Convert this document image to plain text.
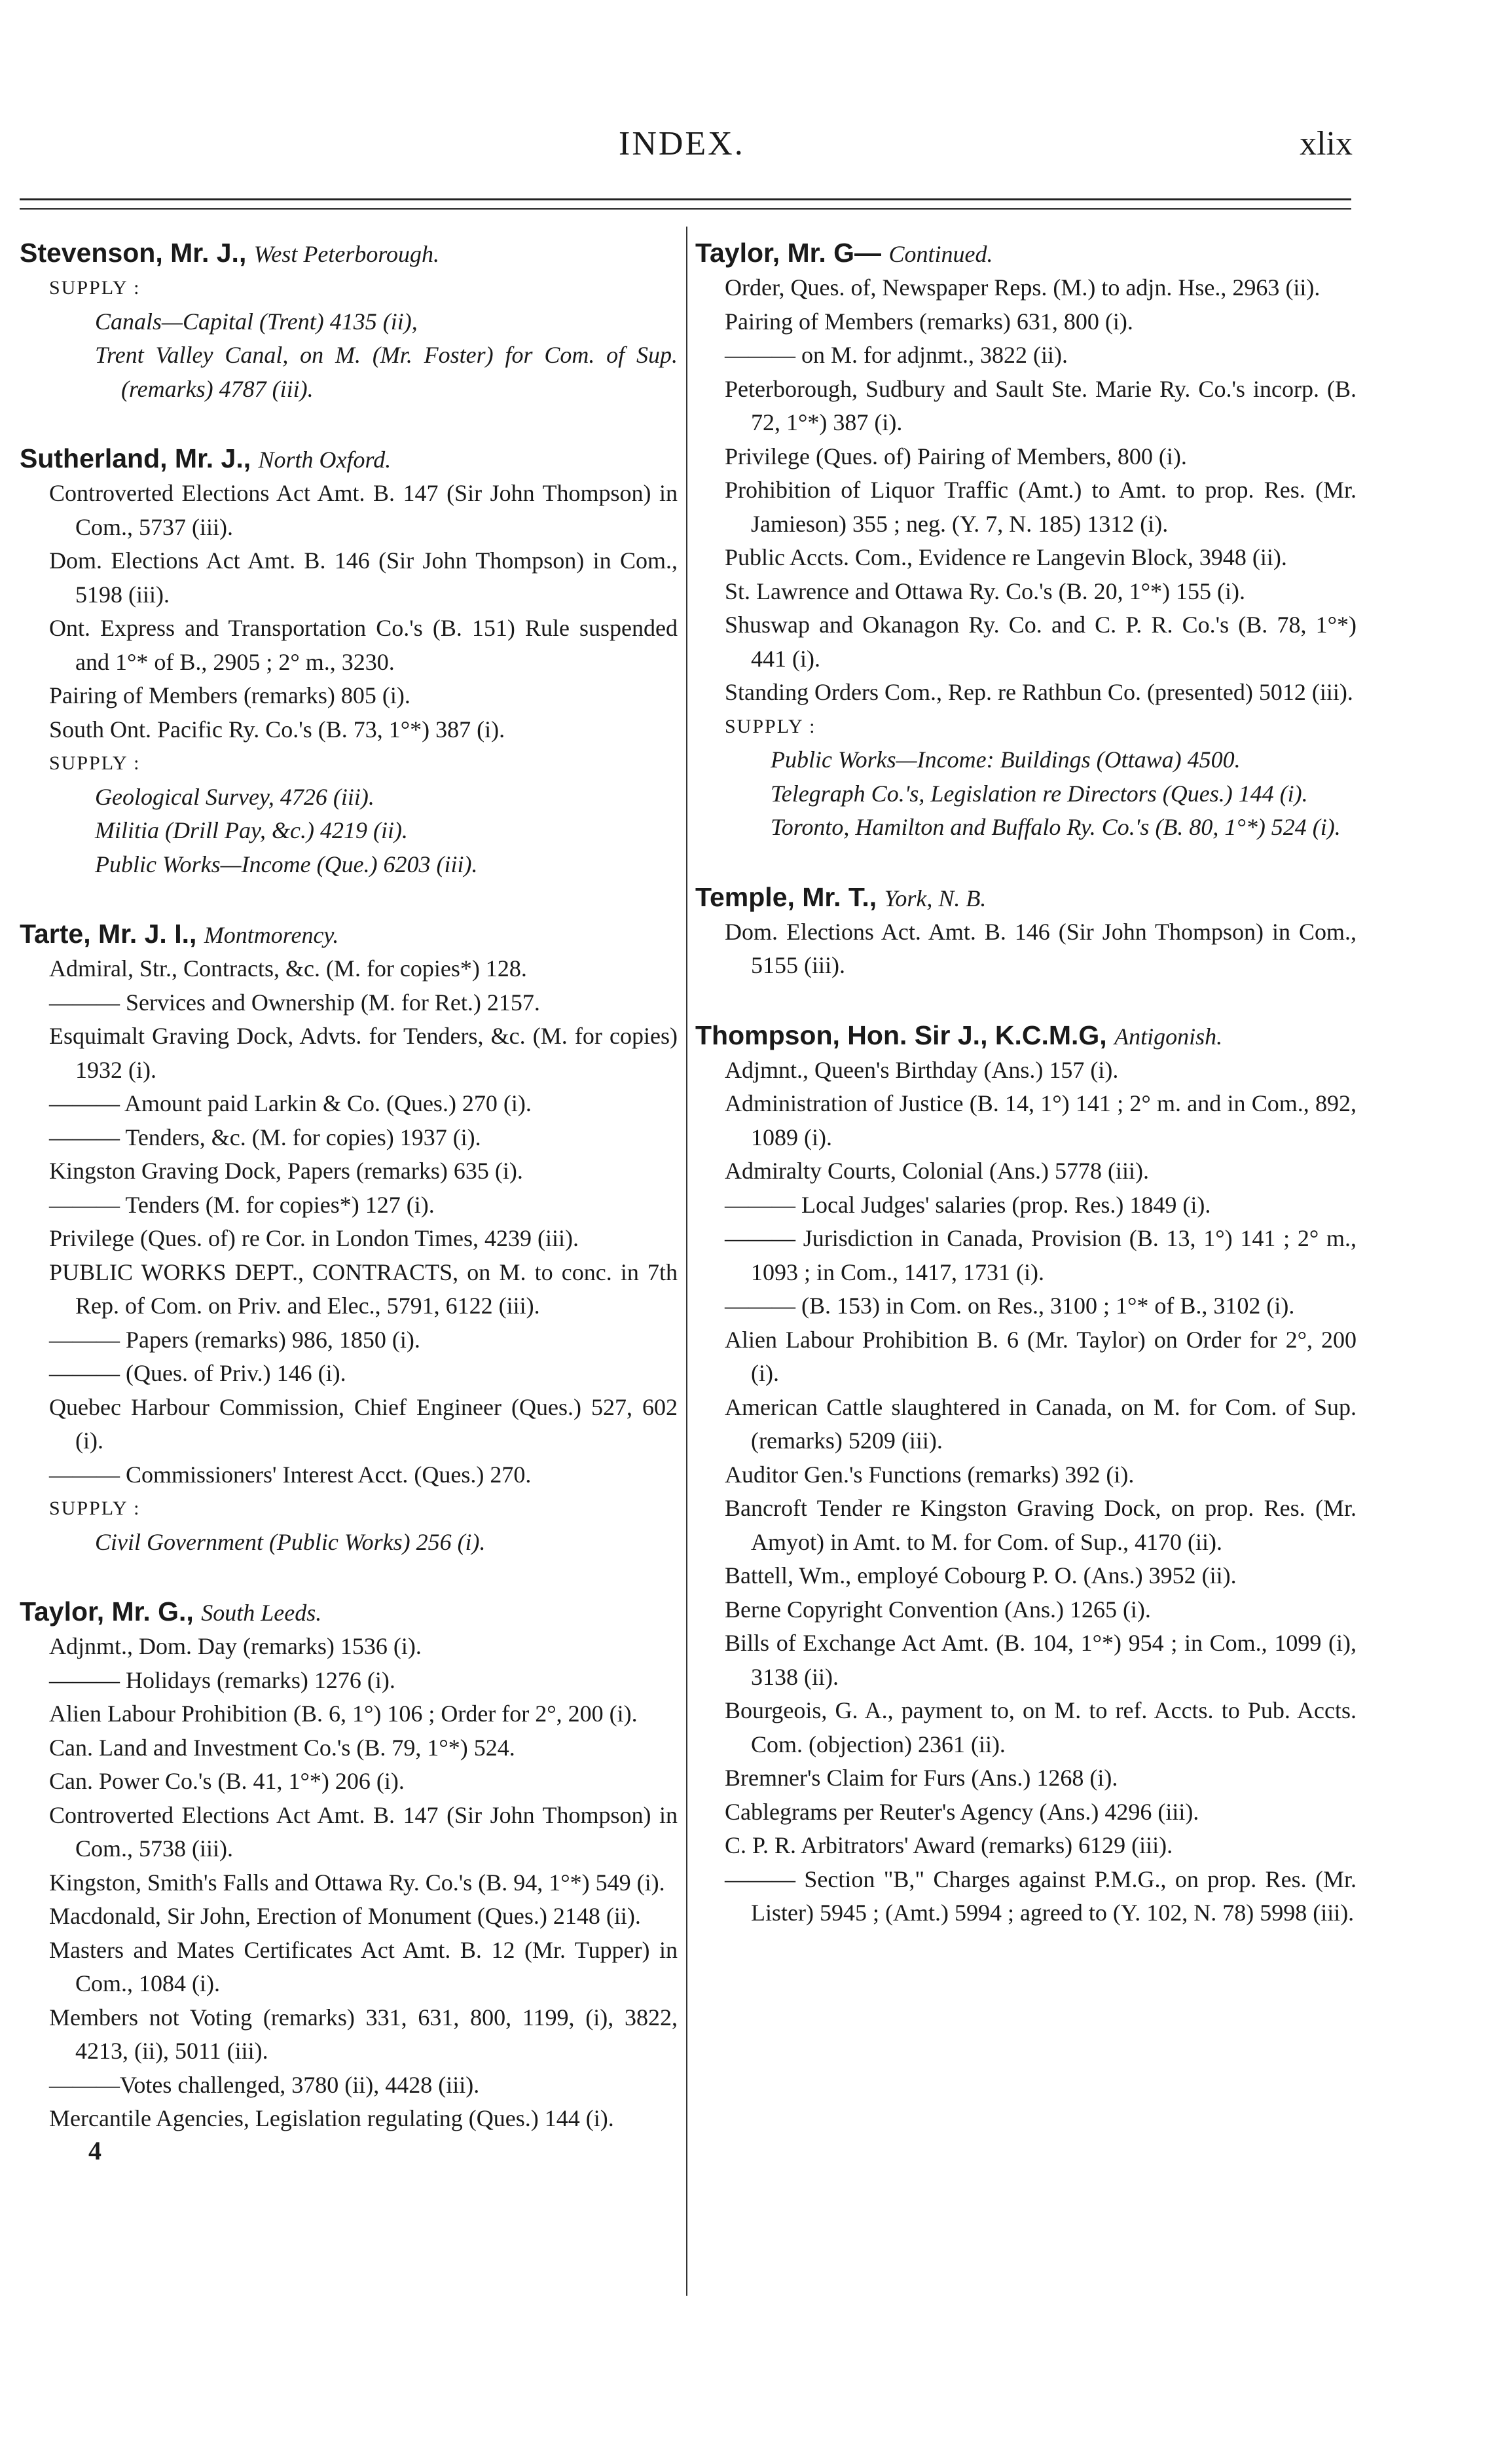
INDEX.	xlix
Stevenson, Mr. J., West Peterborough.
SUPPLY :
Canals—Capital (Trent) 4135 (ii),
Trent Valley Canal, on M. (Mr. Foster) for Com. of Sup. (remarks) 4787 (iii).
Sutherland, Mr. J., North Oxford.
Controverted Elections Act Amt. B. 147 (Sir John Thompson) in Com., 5737 (iii).
Dom. Elections Act Amt. B. 146 (Sir John Thompson) in Com., 5198 (iii).
Ont. Express and Transportation Co.'s (B. 151) Rule suspended and 1°* of B., 2905 ; 2° m., 3230.
Pairing of Members (remarks) 805 (i).
South Ont. Pacific Ry. Co.'s (B. 73, 1°*) 387 (i).
SUPPLY :
Geological Survey, 4726 (iii).
Militia (Drill Pay, &c.) 4219 (ii).
Public Works—Income (Que.) 6203 (iii).
Tarte, Mr. J. I., Montmorency.
Admiral, Str., Contracts, &c. (M. for copies*) 128.
——— Services and Ownership (M. for Ret.) 2157.
Esquimalt Graving Dock, Advts. for Tenders, &c. (M. for copies) 1932 (i).
——— Amount paid Larkin & Co. (Ques.) 270 (i).
——— Tenders, &c. (M. for copies) 1937 (i).
Kingston Graving Dock, Papers (remarks) 635 (i).
——— Tenders (M. for copies*) 127 (i).
Privilege (Ques. of) re Cor. in London Times, 4239 (iii).
PUBLIC WORKS DEPT., CONTRACTS, on M. to conc. in 7th Rep. of Com. on Priv. and Elec., 5791, 6122 (iii).
——— Papers (remarks) 986, 1850 (i).
——— (Ques. of Priv.) 146 (i).
Quebec Harbour Commission, Chief Engineer (Ques.) 527, 602 (i).
——— Commissioners' Interest Acct. (Ques.) 270.
SUPPLY :
Civil Government (Public Works) 256 (i).
Taylor, Mr. G., South Leeds.
Adjnmt., Dom. Day (remarks) 1536 (i).
——— Holidays (remarks) 1276 (i).
Alien Labour Prohibition (B. 6, 1°) 106 ; Order for 2°, 200 (i).
Can. Land and Investment Co.'s (B. 79, 1°*) 524.
Can. Power Co.'s (B. 41, 1°*) 206 (i).
Controverted Elections Act Amt. B. 147 (Sir John Thompson) in Com., 5738 (iii).
Kingston, Smith's Falls and Ottawa Ry. Co.'s (B. 94, 1°*) 549 (i).
Macdonald, Sir John, Erection of Monument (Ques.) 2148 (ii).
Masters and Mates Certificates Act Amt. B. 12 (Mr. Tupper) in Com., 1084 (i).
Members not Voting (remarks) 331, 631, 800, 1199, (i), 3822, 4213, (ii), 5011 (iii).
———Votes challenged, 3780 (ii), 4428 (iii).
Mercantile Agencies, Legislation regulating (Ques.) 144 (i).
4
Taylor, Mr. G— Continued.
Order, Ques. of, Newspaper Reps. (M.) to adjn. Hse., 2963 (ii).
Pairing of Members (remarks) 631, 800 (i).
——— on M. for adjnmt., 3822 (ii).
Peterborough, Sudbury and Sault Ste. Marie Ry. Co.'s incorp. (B. 72, 1°*) 387 (i).
Privilege (Ques. of) Pairing of Members, 800 (i).
Prohibition of Liquor Traffic (Amt.) to Amt. to prop. Res. (Mr. Jamieson) 355 ; neg. (Y. 7, N. 185) 1312 (i).
Public Accts. Com., Evidence re Langevin Block, 3948 (ii).
St. Lawrence and Ottawa Ry. Co.'s (B. 20, 1°*) 155 (i).
Shuswap and Okanagon Ry. Co. and C. P. R. Co.'s (B. 78, 1°*) 441 (i).
Standing Orders Com., Rep. re Rathbun Co. (presented) 5012 (iii).
SUPPLY :
Public Works—Income: Buildings (Ottawa) 4500.
Telegraph Co.'s, Legislation re Directors (Ques.) 144 (i).
Toronto, Hamilton and Buffalo Ry. Co.'s (B. 80, 1°*) 524 (i).
Temple, Mr. T., York, N. B.
Dom. Elections Act. Amt. B. 146 (Sir John Thompson) in Com., 5155 (iii).
Thompson, Hon. Sir J., K.C.M.G, Antigonish.
Adjmnt., Queen's Birthday (Ans.) 157 (i).
Administration of Justice (B. 14, 1°) 141 ; 2° m. and in Com., 892, 1089 (i).
Admiralty Courts, Colonial (Ans.) 5778 (iii).
——— Local Judges' salaries (prop. Res.) 1849 (i).
——— Jurisdiction in Canada, Provision (B. 13, 1°) 141 ; 2° m., 1093 ; in Com., 1417, 1731 (i).
——— (B. 153) in Com. on Res., 3100 ; 1°* of B., 3102 (i).
Alien Labour Prohibition B. 6 (Mr. Taylor) on Order for 2°, 200 (i).
American Cattle slaughtered in Canada, on M. for Com. of Sup. (remarks) 5209 (iii).
Auditor Gen.'s Functions (remarks) 392 (i).
Bancroft Tender re Kingston Graving Dock, on prop. Res. (Mr. Amyot) in Amt. to M. for Com. of Sup., 4170 (ii).
Battell, Wm., employé Cobourg P. O. (Ans.) 3952 (ii).
Berne Copyright Convention (Ans.) 1265 (i).
Bills of Exchange Act Amt. (B. 104, 1°*) 954 ; in Com., 1099 (i), 3138 (ii).
Bourgeois, G. A., payment to, on M. to ref. Accts. to Pub. Accts. Com. (objection) 2361 (ii).
Bremner's Claim for Furs (Ans.) 1268 (i).
Cablegrams per Reuter's Agency (Ans.) 4296 (iii).
C. P. R. Arbitrators' Award (remarks) 6129 (iii).
——— Section "B," Charges against P.M.G., on prop. Res. (Mr. Lister) 5945 ; (Amt.) 5994 ; agreed to (Y. 102, N. 78) 5998 (iii).
